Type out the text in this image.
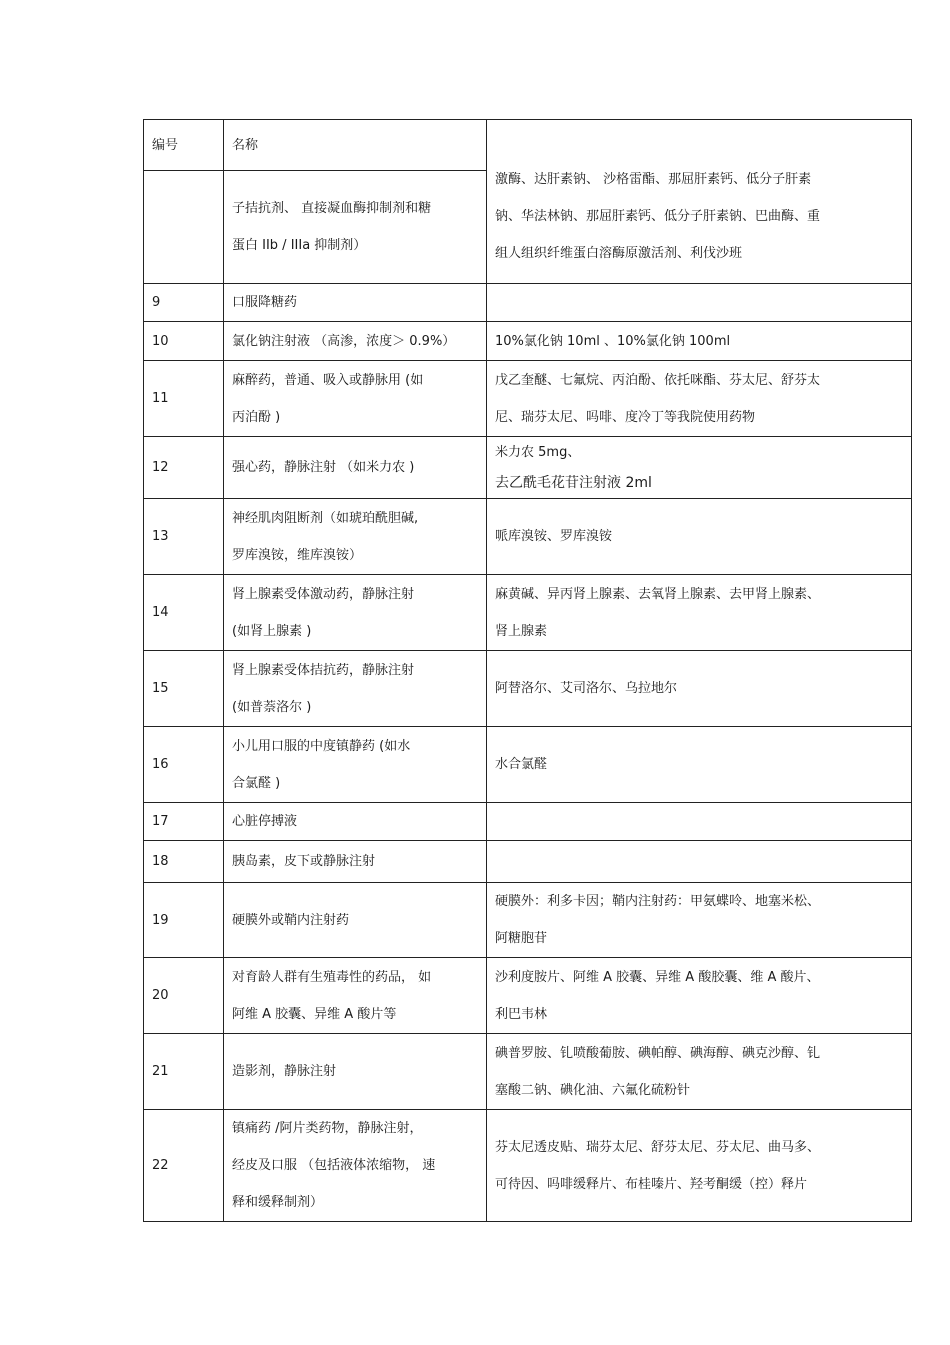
编号	名称	激酶、达肝素钠、 沙格雷酯、那屈肝素钙、低分子肝素
钠、华法林钠、那屈肝素钙、低分子肝素钠、巴曲酶、重
组人组织纤维蛋白溶酶原激活剂、利伐沙班

	子拮抗剂、 直接凝血酶抑制剂和糖
蛋白 IIb / IIIa 抑制剂）	

9	口服降糖药	

10	氯化钠注射液 （高渗，浓度＞ 0.9%）	10%氯化钠 10ml 、10%氯化钠 100ml

11	麻醉药，普通、吸入或静脉用 (如
丙泊酚 )	戊乙奎醚、七氟烷、丙泊酚、依托咪酯、芬太尼、舒芬太
尼、瑞芬太尼、吗啡、度冷丁等我院使用药物

12	强心药，静脉注射 （如米力农 )	米力农 5mg、
去乙酰毛花苷注射液 2ml

13	神经肌肉阻断剂（如琥珀酰胆碱,
罗库溴铵，维库溴铵）	哌库溴铵、罗库溴铵

14	肾上腺素受体激动药，静脉注射
(如肾上腺素 )	麻黄碱、异丙肾上腺素、去氧肾上腺素、去甲肾上腺素、
肾上腺素

15	肾上腺素受体拮抗药，静脉注射
(如普萘洛尔 )	阿替洛尔、艾司洛尔、乌拉地尔

16	小儿用口服的中度镇静药 (如水
合氯醛 )	水合氯醛

17	心脏停搏液	

18	胰岛素，皮下或静脉注射	

19	硬膜外或鞘内注射药	硬膜外：利多卡因；鞘内注射药：甲氨蝶呤、地塞米松、
阿糖胞苷

20	对育龄人群有生殖毒性的药品， 如
阿维 A 胶囊、异维 A 酸片等	沙利度胺片、阿维 A 胶囊、异维 A 酸胶囊、维 A 酸片、
利巴韦林

21	造影剂，静脉注射	碘普罗胺、钆喷酸葡胺、碘帕醇、碘海醇、碘克沙醇、钆
塞酸二钠、碘化油、六氟化硫粉针

22	镇痛药 /阿片类药物，静脉注射，
经皮及口服 （包括液体浓缩物， 速
释和缓释制剂）	芬太尼透皮贴、瑞芬太尼、舒芬太尼、芬太尼、曲马多、
可待因、吗啡缓释片、布桂嗪片、羟考酮缓（控）释片
